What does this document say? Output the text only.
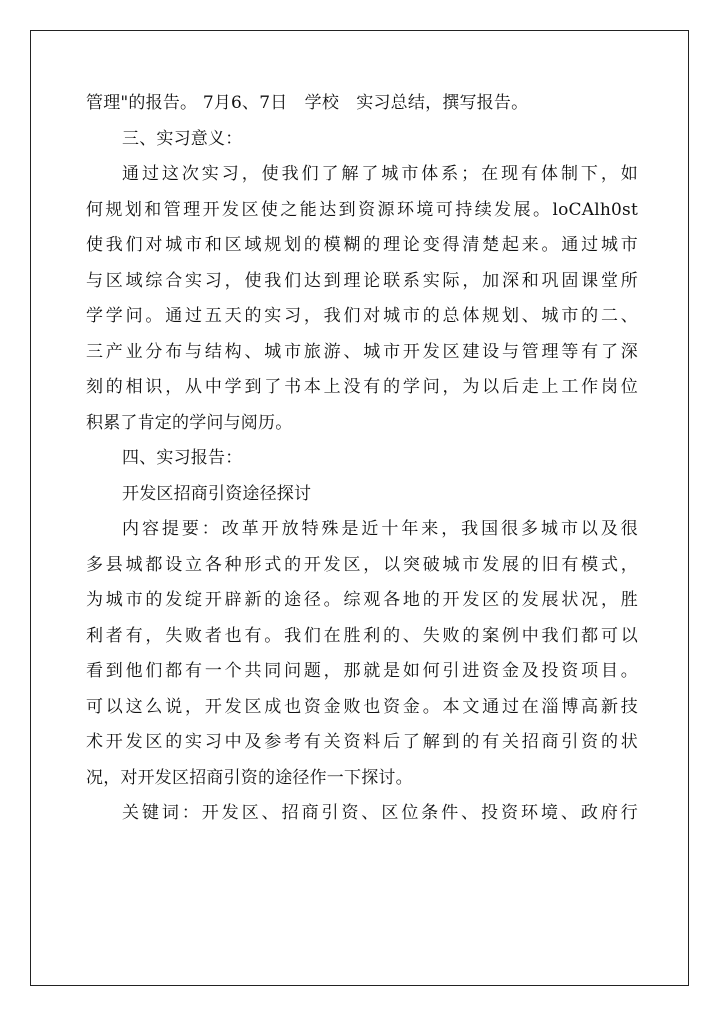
管理"的报告。 7月6、7日　学校　实习总结，撰写报告。
三、实习意义：
通过这次实习，使我们了解了城市体系；在现有体制下，如
何规划和管理开发区使之能达到资源环境可持续发展。loCAlh0st
使我们对城市和区域规划的模糊的理论变得清楚起来。通过城市
与区域综合实习，使我们达到理论联系实际，加深和巩固课堂所
学学问。通过五天的实习，我们对城市的总体规划、城市的二、
三产业分布与结构、城市旅游、城市开发区建设与管理等有了深
刻的相识，从中学到了书本上没有的学问，为以后走上工作岗位
积累了肯定的学问与阅历。
四、实习报告：
开发区招商引资途径探讨
内容提要：改革开放特殊是近十年来，我国很多城市以及很
多县城都设立各种形式的开发区，以突破城市发展的旧有模式，
为城市的发绽开辟新的途径。综观各地的开发区的发展状况，胜
利者有，失败者也有。我们在胜利的、失败的案例中我们都可以
看到他们都有一个共同问题，那就是如何引进资金及投资项目。
可以这么说，开发区成也资金败也资金。本文通过在淄博高新技
术开发区的实习中及参考有关资料后了解到的有关招商引资的状
况，对开发区招商引资的途径作一下探讨。
关键词：开发区、招商引资、区位条件、投资环境、政府行
